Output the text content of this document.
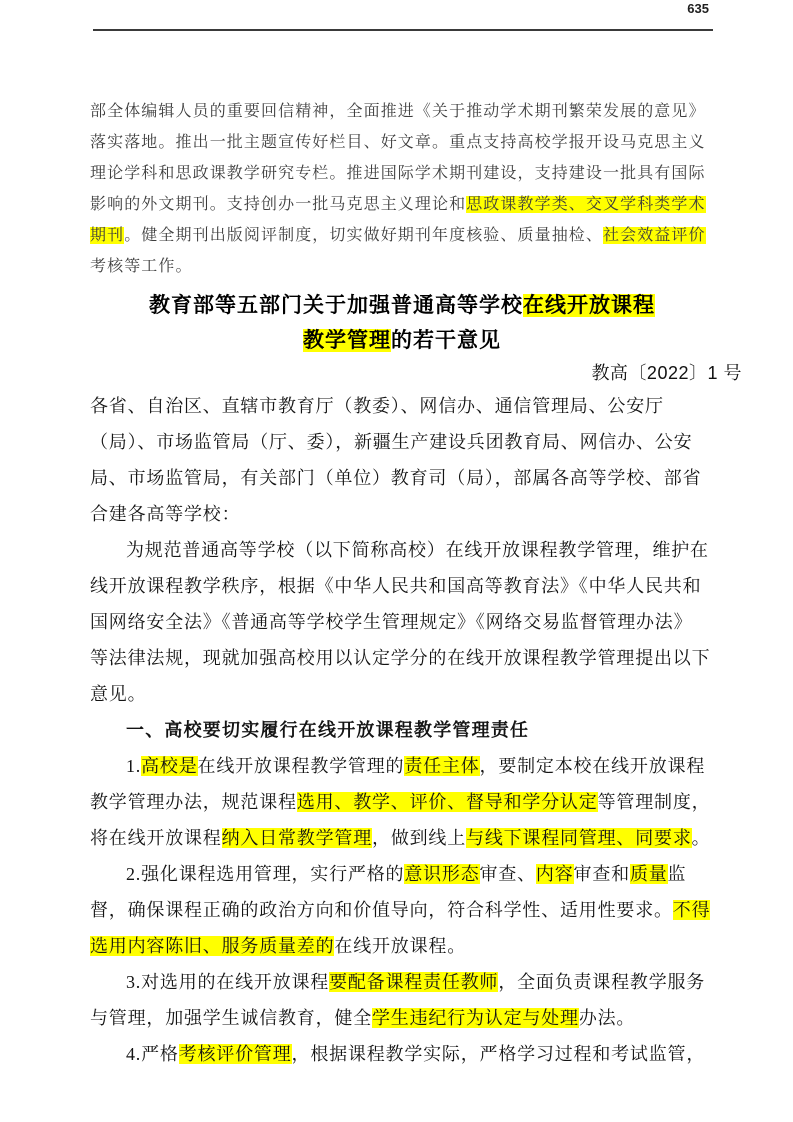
635
部全体编辑人员的重要回信精神，全面推进《关于推动学术期刊繁荣发展的意见》
落实落地。推出一批主题宣传好栏目、好文章。重点支持高校学报开设马克思主义
理论学科和思政课教学研究专栏。推进国际学术期刊建设，支持建设一批具有国际
影响的外文期刊。支持创办一批马克思主义理论和思政课教学类、交叉学科类学术
期刊。健全期刊出版阅评制度，切实做好期刊年度核验、质量抽检、社会效益评价
考核等工作。
教育部等五部门关于加强普通高等学校在线开放课程
教学管理的若干意见
教高〔2022〕1 号
各省、自治区、直辖市教育厅（教委）、网信办、通信管理局、公安厅
（局）、市场监管局（厅、委），新疆生产建设兵团教育局、网信办、公安
局、市场监管局，有关部门（单位）教育司（局），部属各高等学校、部省
合建各高等学校：
为规范普通高等学校（以下简称高校）在线开放课程教学管理，维护在
线开放课程教学秩序，根据《中华人民共和国高等教育法》《中华人民共和
国网络安全法》《普通高等学校学生管理规定》《网络交易监督管理办法》
等法律法规，现就加强高校用以认定学分的在线开放课程教学管理提出以下
意见。
一、高校要切实履行在线开放课程教学管理责任
1.高校是在线开放课程教学管理的责任主体，要制定本校在线开放课程
教学管理办法，规范课程选用、教学、评价、督导和学分认定等管理制度，
将在线开放课程纳入日常教学管理，做到线上与线下课程同管理、同要求。
2.强化课程选用管理，实行严格的意识形态审查、内容审查和质量监
督，确保课程正确的政治方向和价值导向，符合科学性、适用性要求。不得
选用内容陈旧、服务质量差的在线开放课程。
3.对选用的在线开放课程要配备课程责任教师，全面负责课程教学服务
与管理，加强学生诚信教育，健全学生违纪行为认定与处理办法。
4.严格考核评价管理，根据课程教学实际，严格学习过程和考试监管，
